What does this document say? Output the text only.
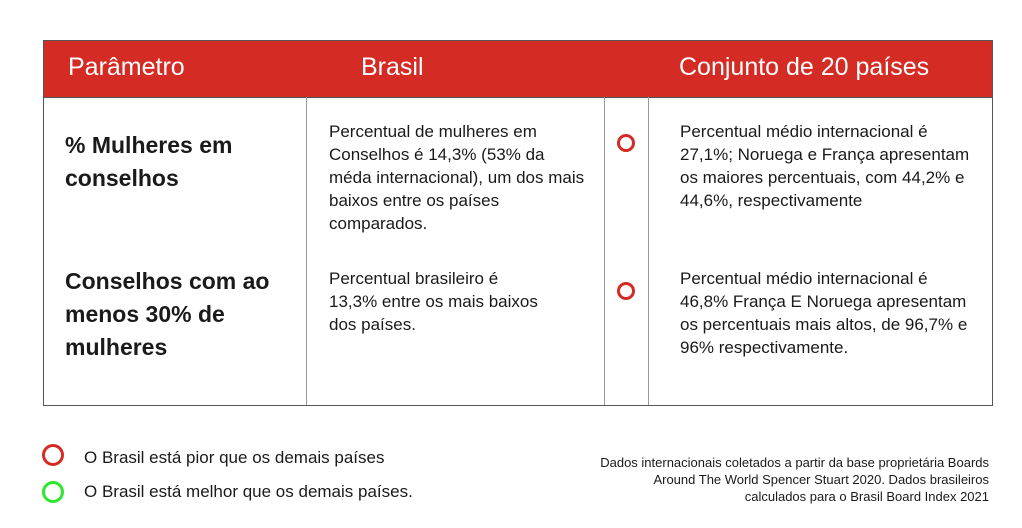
Parâmetro	Brasil	Conjunto de 20 países
% Mulheres em conselhos
Percentual de mulheres em Conselhos é 14,3% (53% da méda internacional), um dos mais baixos entre os países comparados.
Percentual médio internacional é 27,1%; Noruega e França apresentam os maiores percentuais, com 44,2% e 44,6%, respectivamente
Conselhos com ao menos 30% de mulheres
Percentual brasileiro é 13,3% entre os mais baixos dos países.
Percentual médio internacional é 46,8% França E Noruega apresentam os percentuais mais altos, de 96,7% e 96% respectivamente.
O Brasil está pior que os demais países
O Brasil está melhor que os demais países.
Dados internacionais coletados a partir da base proprietária Boards Around The World Spencer Stuart 2020. Dados brasileiros calculados para o Brasil Board Index 2021
